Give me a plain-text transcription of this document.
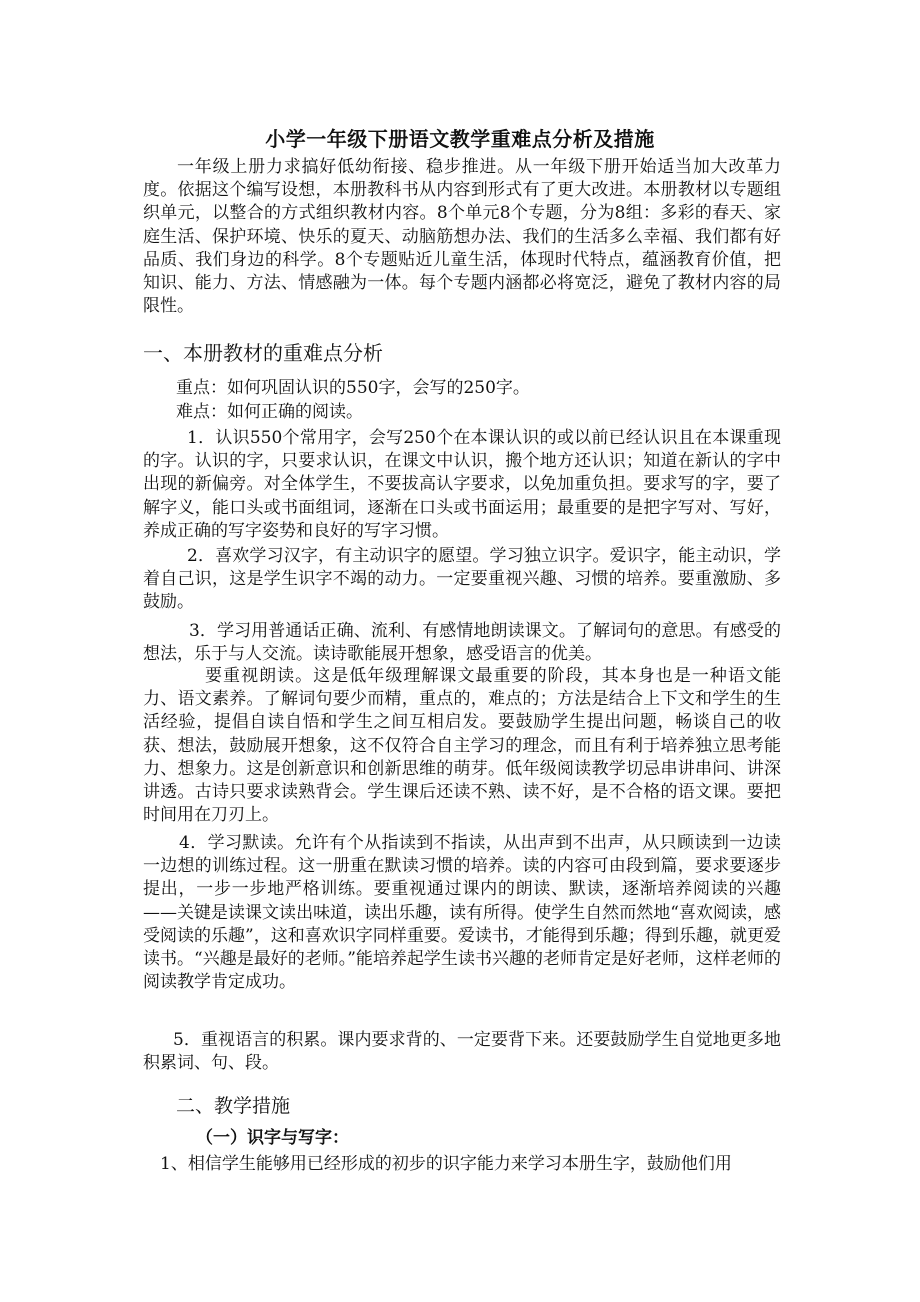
小学一年级下册语文教学重难点分析及措施

一年级上册力求搞好低幼衔接、稳步推进。从一年级下册开始适当加大改革力度。依据这个编写设想，本册教科书从内容到形式有了更大改进。本册教材以专题组织单元，以整合的方式组织教材内容。8个单元8个专题，分为8组：多彩的春天、家庭生活、保护环境、快乐的夏天、动脑筋想办法、我们的生活多么幸福、我们都有好品质、我们身边的科学。8个专题贴近儿童生活，体现时代特点，蕴涵教育价值，把知识、能力、方法、情感融为一体。每个专题内涵都必将宽泛，避免了教材内容的局限性。

一、本册教材的重难点分析

重点：如何巩固认识的550字，会写的250字。

难点：如何正确的阅读。

1．认识550个常用字，会写250个在本课认识的或以前已经认识且在本课重现的字。认识的字，只要求认识，在课文中认识，搬个地方还认识；知道在新认的字中出现的新偏旁。对全体学生，不要拔高认字要求，以免加重负担。要求写的字，要了解字义，能口头或书面组词，逐渐在口头或书面运用；最重要的是把字写对、写好，养成正确的写字姿势和良好的写字习惯。

2．喜欢学习汉字，有主动识字的愿望。学习独立识字。爱识字，能主动识，学着自己识，这是学生识字不竭的动力。一定要重视兴趣、习惯的培养。要重激励、多鼓励。

3．学习用普通话正确、流利、有感情地朗读课文。了解词句的意思。有感受的想法，乐于与人交流。读诗歌能展开想象，感受语言的优美。

要重视朗读。这是低年级理解课文最重要的阶段，其本身也是一种语文能力、语文素养。了解词句要少而精，重点的，难点的；方法是结合上下文和学生的生活经验，提倡自读自悟和学生之间互相启发。要鼓励学生提出问题，畅谈自己的收获、想法，鼓励展开想象，这不仅符合自主学习的理念，而且有利于培养独立思考能力、想象力。这是创新意识和创新思维的萌芽。低年级阅读教学切忌串讲串问、讲深讲透。古诗只要求读熟背会。学生课后还读不熟、读不好，是不合格的语文课。要把时间用在刀刃上。

4．学习默读。允许有个从指读到不指读，从出声到不出声，从只顾读到一边读一边想的训练过程。这一册重在默读习惯的培养。读的内容可由段到篇，要求要逐步提出，一步一步地严格训练。要重视通过课内的朗读、默读，逐渐培养阅读的兴趣——关键是读课文读出味道，读出乐趣，读有所得。使学生自然而然地“喜欢阅读，感受阅读的乐趣”，这和喜欢识字同样重要。爱读书，才能得到乐趣；得到乐趣，就更爱读书。“兴趣是最好的老师。”能培养起学生读书兴趣的老师肯定是好老师，这样老师的阅读教学肯定成功。

5．重视语言的积累。课内要求背的、一定要背下来。还要鼓励学生自觉地更多地积累词、句、段。

二、教学措施

（一）识字与写字：

1、相信学生能够用已经形成的初步的识字能力来学习本册生字，鼓励他们用
